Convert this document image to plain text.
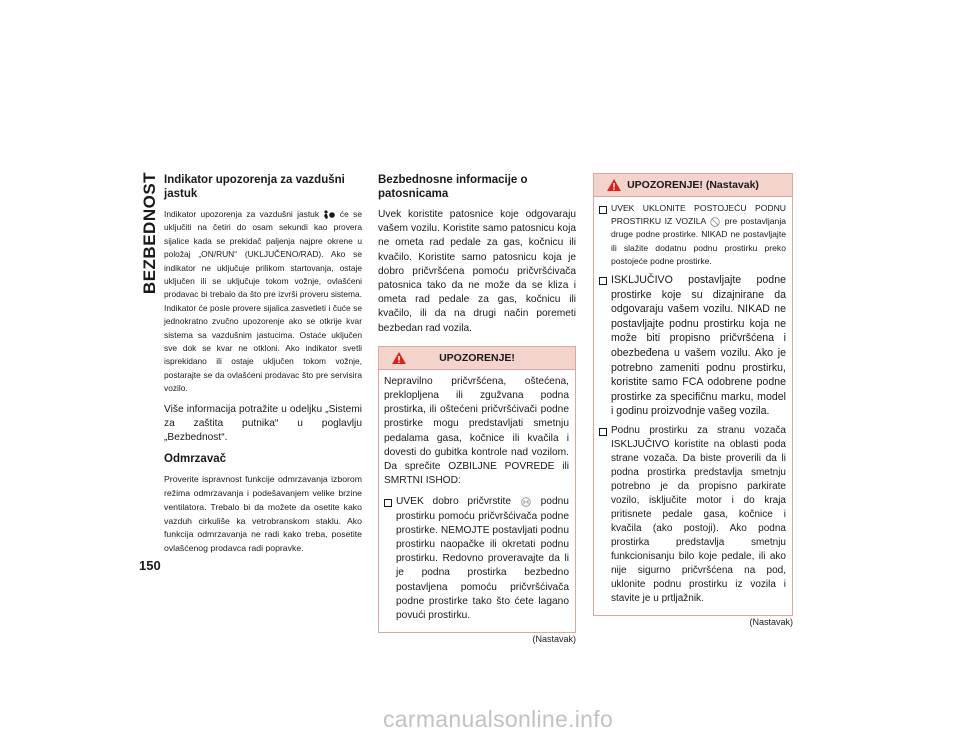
BEZBEDNOST Indikator upozorenja za vazdušni jastuk

Indikator upozorenja za vazdušni jastuk će se uključiti na četiri do osam sekundi kao provera sijalice kada se prekidač paljenja najpre okrene u položaj „ON/RUN“ (UKLJUČENO/RAD). Ako se indikator ne uključuje prilikom startovanja, ostaje uključen ili se uključuje tokom vožnje, ovlašćeni prodavac bi trebalo da što pre izvrši proveru sistema. Indikator će posle provere sijalica zasvetleti i čuće se jednokratno zvučno upozorenje ako se otkrije kvar sistema sa vazdušnim jastucima. Ostaće uključen sve dok se kvar ne otkloni. Ako indikator svetli isprekidano ili ostaje uključen tokom vožnje, postarajte se da ovlašćeni prodavac što pre servisira vozilo.

Više informacija potražite u odeljku „Sistemi za zaštita putnika“ u poglavlju „Bezbednost“.

Odmrzavač

Proverite ispravnost funkcije odmrzavanja izborom režima odmrzavanja i podešavanjem velike brzine ventilatora. Trebalo bi da možete da osetite kako vazduh cirkuliše ka vetrobranskom staklu. Ako funkcija odmrzavanja ne radi kako treba, posetite ovlašćenog prodavca radi popravke.

Bezbednosne informacije o patosnicama

Uvek koristite patosnice koje odgovaraju vašem vozilu. Koristite samo patosnicu koja ne ometa rad pedale za gas, kočnicu ili kvačilo. Koristite samo patosnicu koja je dobro pričvršćena pomoću pričvršćivača patosnica tako da ne može da se kliza i ometa rad pedale za gas, kočnicu ili kvačilo, ili da na drugi način poremeti bezbedan rad vozila.

UPOZORENJE!

Nepravilno pričvršćena, oštećena, preklopljena ili zgužvana podna prostirka, ili oštećeni pričvršćivači podne prostirke mogu predstavljati smetnju pedalama gasa, kočnice ili kvačila i dovesti do gubitka kontrole nad vozilom. Da sprečite OZBILJNE POVREDE ili SMRTNI ISHOD:

UVEK dobro pričvrstite	podnu prostirku pomoću pričvršćivača podne prostirke. NEMOJTE postavljati podnu prostirku naopačke ili okretati podnu prostirku. Redovno proveravajte da li je podna prostirka bezbedno postavljena pomoću pričvršćivača podne prostirke tako što ćete lagano povući prostirku.
(Nastavak)
UPOZORENJE! (Nastavak)
UVEK UKLONITE POSTOJEĆU PODNU PROSTIRKU IZ VOZILA pre postavljanja druge podne prostirke. NIKAD ne postavljajte ili slažite dodatnu podnu prostirku preko postojeće podne prostirke.
ISKLJUČIVO postavljajte podne prostirke koje su dizajnirane da odgovaraju vašem vozilu. NIKAD ne postavljajte podnu prostirku koja ne može biti propisno pričvršćena i obezbeđena u vašem vozilu. Ako je potrebno zameniti podnu prostirku, koristite samo FCA odobrene podne prostirke za specifičnu marku, model i godinu proizvodnje vašeg vozila.
Podnu prostirku za stranu vozača ISKLJUČIVO koristite na oblasti poda strane vozača. Da biste proverili da li podna prostirka predstavlja smetnju potrebno je da propisno parkirate vozilo, isključite motor i do kraja pritisnete pedale gasa, kočnice i kvačila (ako postoji). Ako podna prostirka predstavlja smetnju funkcionisanju bilo koje pedale, ili ako nije sigurno pričvršćena na pod, uklonite podnu prostirku iz vozila i stavite je u prtljažnik.
(Nastavak)
150
carmanualsonline.info
